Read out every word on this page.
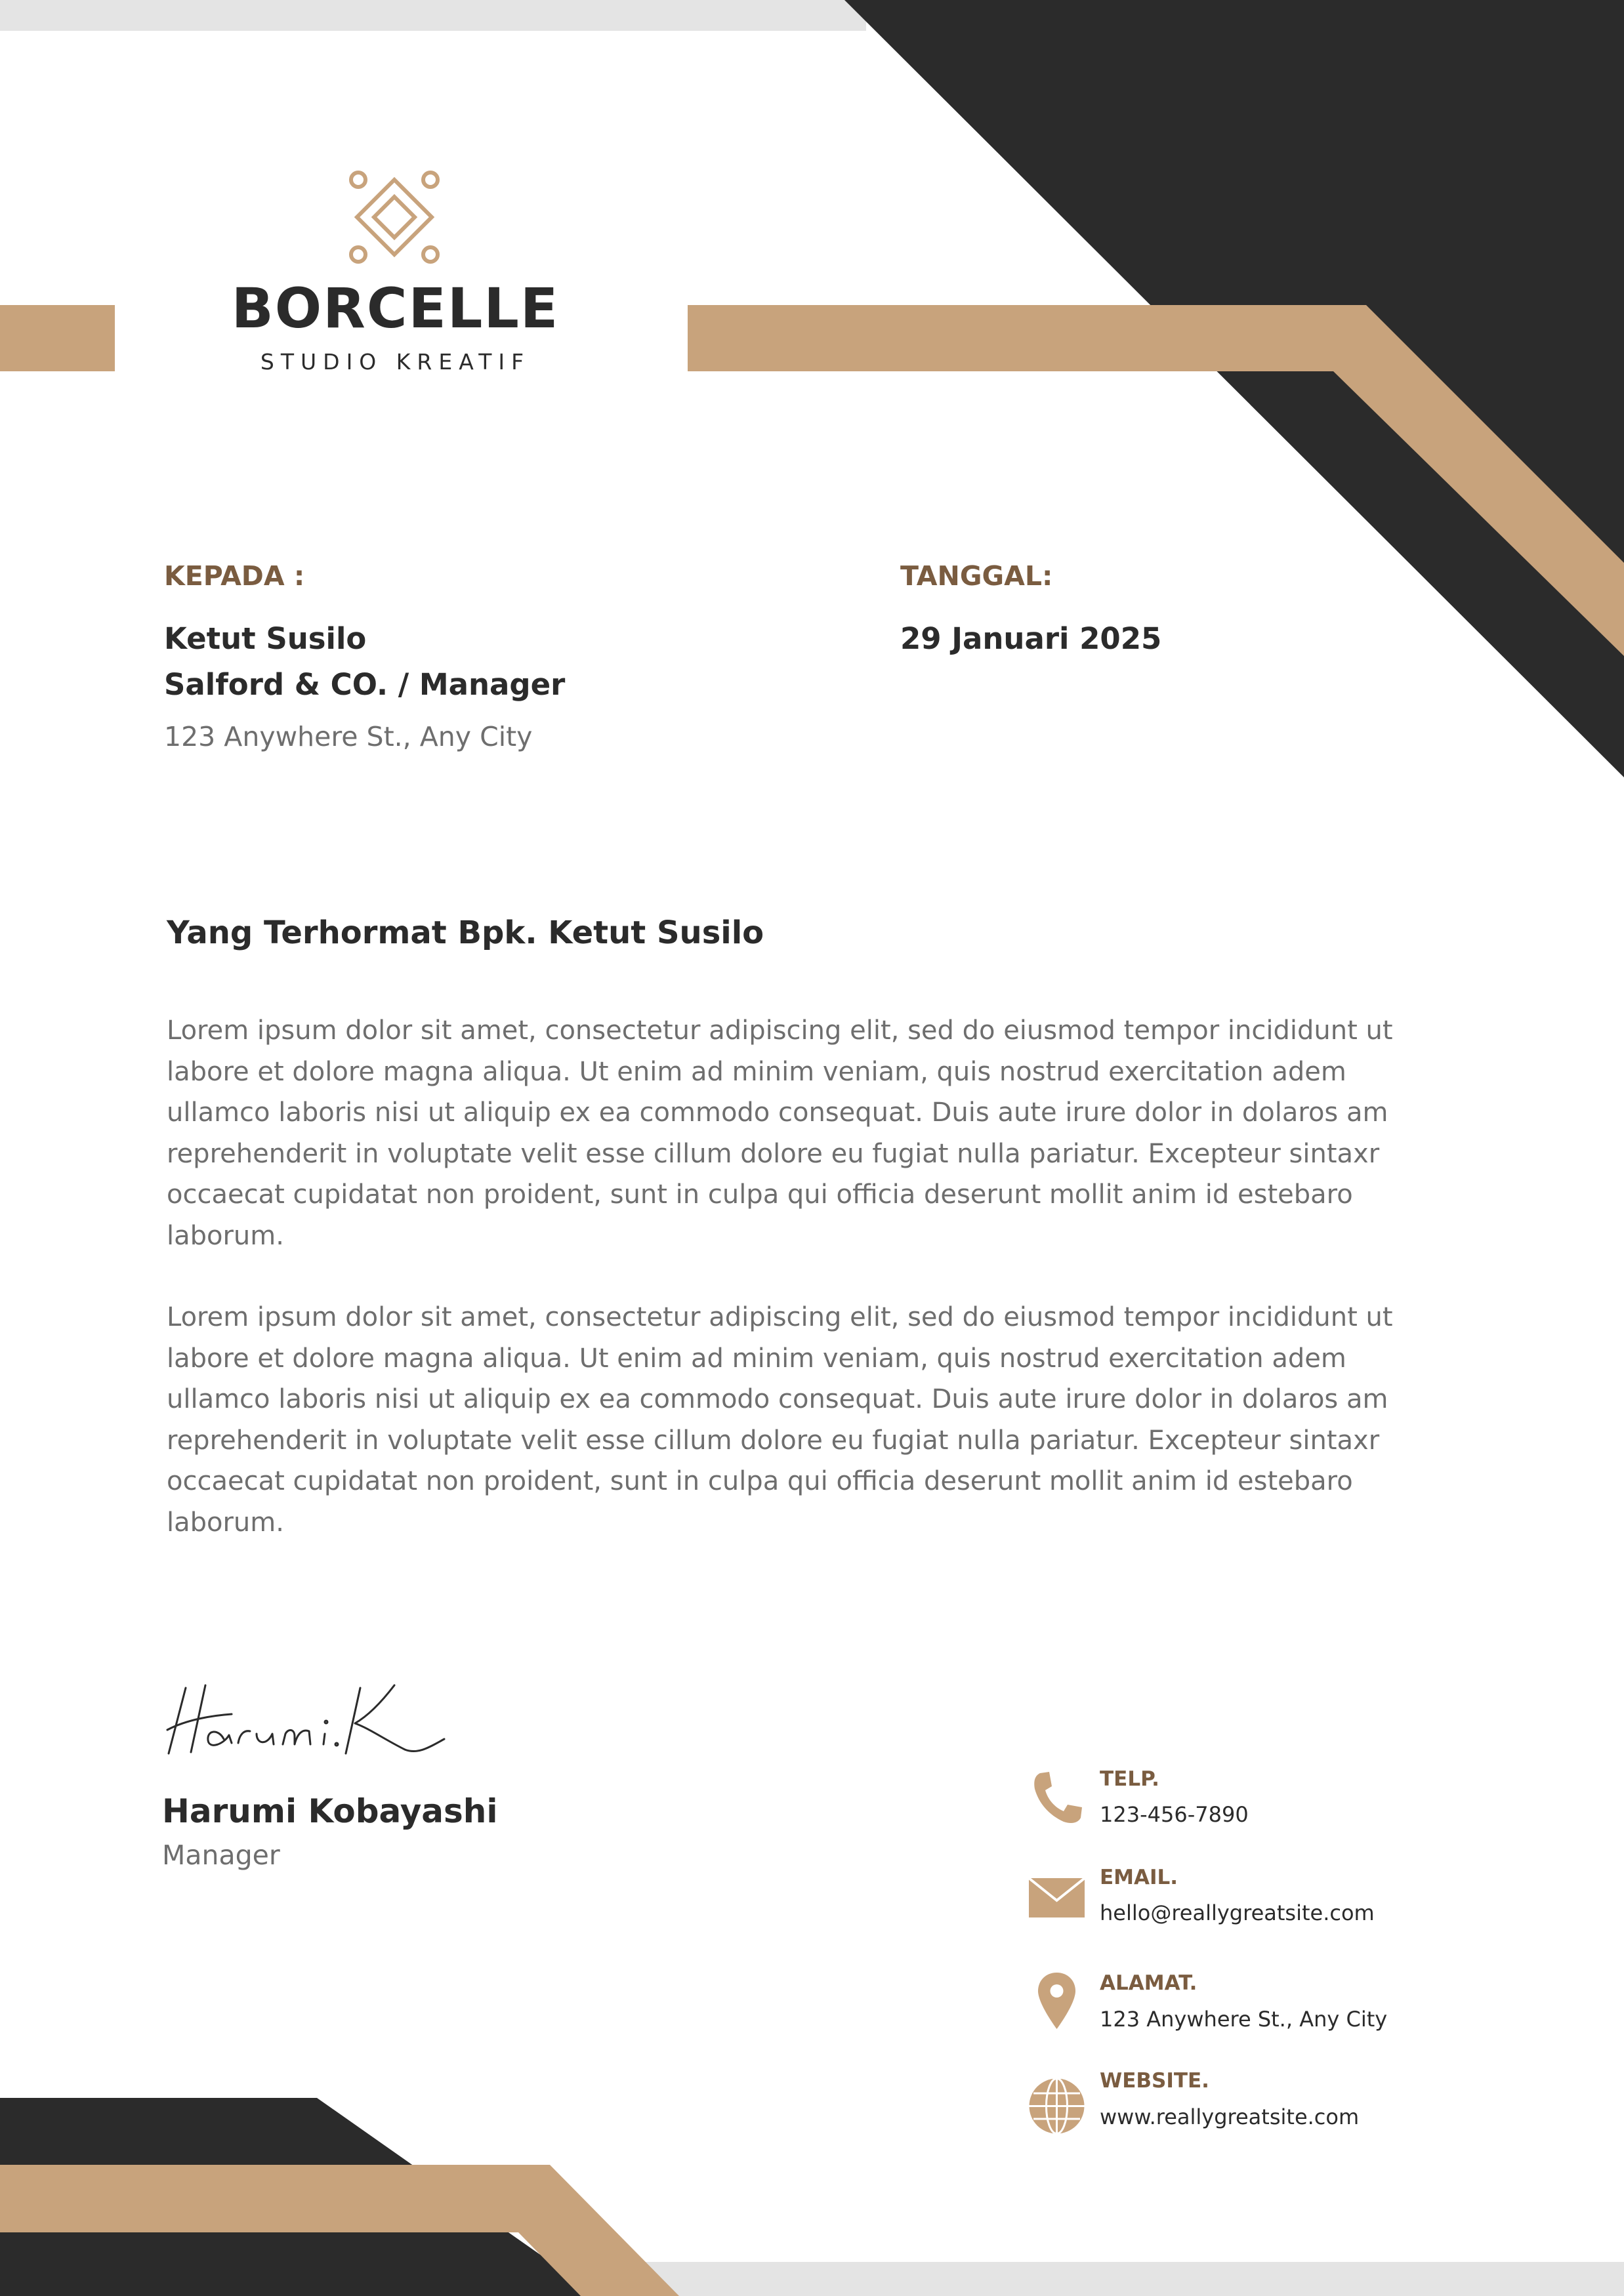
BORCELLE
STUDIO KREATIF
KEPADA :
Ketut Susilo
Salford & CO. / Manager
123 Anywhere St., Any City
TANGGAL:
29 Januari 2025
Yang Terhormat Bpk. Ketut Susilo
Lorem ipsum dolor sit amet, consectetur adipiscing elit, sed do eiusmod tempor incididunt ut labore et dolore magna aliqua. Ut enim ad minim veniam, quis nostrud exercitation adem ullamco laboris nisi ut aliquip ex ea commodo consequat. Duis aute irure dolor in dolaros am reprehenderit in voluptate velit esse cillum dolore eu fugiat nulla pariatur. Excepteur sintaxr occaecat cupidatat non proident, sunt in culpa qui officia deserunt mollit anim id estebaro laborum.
Lorem ipsum dolor sit amet, consectetur adipiscing elit, sed do eiusmod tempor incididunt ut labore et dolore magna aliqua. Ut enim ad minim veniam, quis nostrud exercitation adem ullamco laboris nisi ut aliquip ex ea commodo consequat. Duis aute irure dolor in dolaros am reprehenderit in voluptate velit esse cillum dolore eu fugiat nulla pariatur. Excepteur sintaxr occaecat cupidatat non proident, sunt in culpa qui officia deserunt mollit anim id estebaro laborum.
Harumi Kobayashi
Manager
TELP.
123-456-7890
EMAIL.
hello@reallygreatsite.com
ALAMAT.
123 Anywhere St., Any City
WEBSITE.
www.reallygreatsite.com
